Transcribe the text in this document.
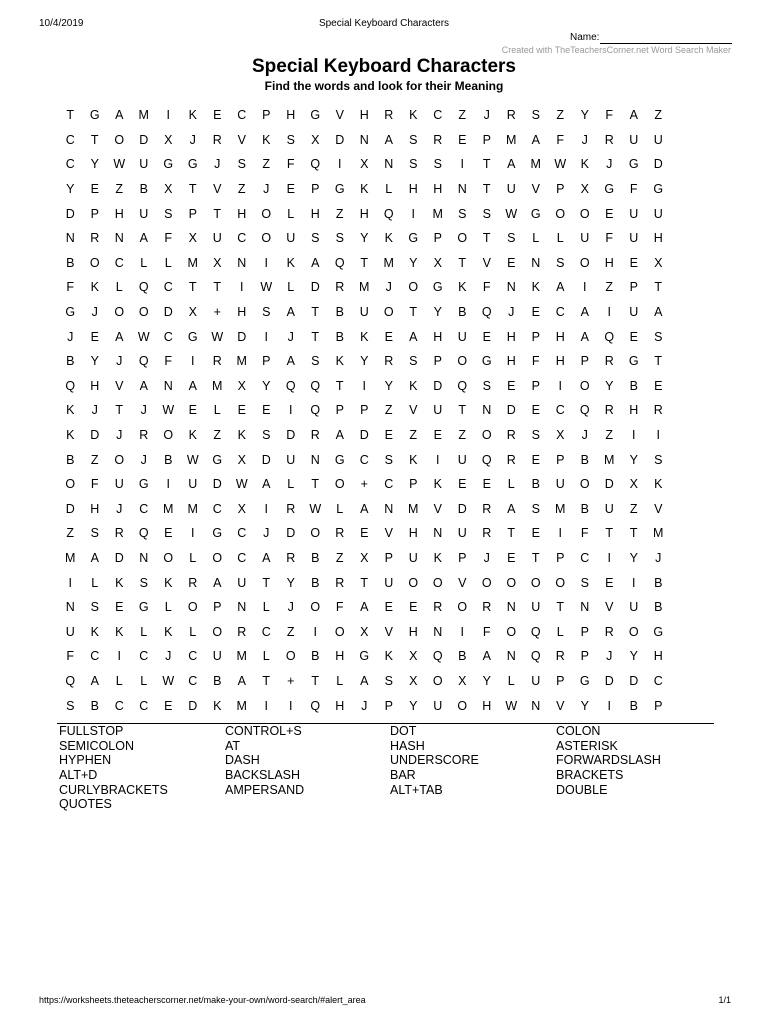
10/4/2019	Special Keyboard Characters
Name:
Created with TheTeachersCorner.net Word Search Maker
Special Keyboard Characters
Find the words and look for their Meaning
T	G	A	M	I	K	E	C	P	H	G	V	H	R	K	C	Z	J	R	S	Z	Y	F	A	Z
C	T	O	D	X	J	R	V	K	S	X	D	N	A	S	R	E	P	M	A	F	J	R	U	U
C	Y	W	U	G	G	J	S	Z	F	Q	I	X	N	S	S	I	T	A	M	W	K	J	G	D
Y	E	Z	B	X	T	V	Z	J	E	P	G	K	L	H	H	N	T	U	V	P	X	G	F	G
D	P	H	U	S	P	T	H	O	L	H	Z	H	Q	I	M	S	S	W	G	O	O	E	U	U
N	R	N	A	F	X	U	C	O	U	S	S	Y	K	G	P	O	T	S	L	L	U	F	U	H
B	O	C	L	L	M	X	N	I	K	A	Q	T	M	Y	X	T	V	E	N	S	O	H	E	X
F	K	L	Q	C	T	T	I	W	L	D	R	M	J	O	G	K	F	N	K	A	I	Z	P	T
G	J	O	O	D	X	+	H	S	A	T	B	U	O	T	Y	B	Q	J	E	C	A	I	U	A
J	E	A	W	C	G	W	D	I	J	T	B	K	E	A	H	U	E	H	P	H	A	Q	E	S
B	Y	J	Q	F	I	R	M	P	A	S	K	Y	R	S	P	O	G	H	F	H	P	R	G	T
Q	H	V	A	N	A	M	X	Y	Q	Q	T	I	Y	K	D	Q	S	E	P	I	O	Y	B	E
K	J	T	J	W	E	L	E	E	I	Q	P	P	Z	V	U	T	N	D	E	C	Q	R	H	R
K	D	J	R	O	K	Z	K	S	D	R	A	D	E	Z	E	Z	O	R	S	X	J	Z	I	I
B	Z	O	J	B	W	G	X	D	U	N	G	C	S	K	I	U	Q	R	E	P	B	M	Y	S
O	F	U	G	I	U	D	W	A	L	T	O	+	C	P	K	E	E	L	B	U	O	D	X	K
D	H	J	C	M	M	C	X	I	R	W	L	A	N	M	V	D	R	A	S	M	B	U	Z	V
Z	S	R	Q	E	I	G	C	J	D	O	R	E	V	H	N	U	R	T	E	I	F	T	T	M
M	A	D	N	O	L	O	C	A	R	B	Z	X	P	U	K	P	J	E	T	P	C	I	Y	J
I	L	K	S	K	R	A	U	T	Y	B	R	T	U	O	O	V	O	O	O	O	S	E	I	B
N	S	E	G	L	O	P	N	L	J	O	F	A	E	E	R	O	R	N	U	T	N	V	U	B
U	K	K	L	K	L	O	R	C	Z	I	O	X	V	H	N	I	F	O	Q	L	P	R	O	G
F	C	I	C	J	C	U	M	L	O	B	H	G	K	X	Q	B	A	N	Q	R	P	J	Y	H
Q	A	L	L	W	C	B	A	T	+	T	L	A	S	X	O	X	Y	L	U	P	G	D	D	C
S	B	C	C	E	D	K	M	I	I	Q	H	J	P	Y	U	O	H	W	N	V	Y	I	B	P
FULLSTOP	CONTROL+S	DOT	COLON
SEMICOLON	AT	HASH	ASTERISK
HYPHEN	DASH	UNDERSCORE	FORWARDSLASH
ALT+D	BACKSLASH	BAR	BRACKETS
CURLYBRACKETS	AMPERSAND	ALT+TAB	DOUBLE
QUOTES
https://worksheets.theteacherscorner.net/make-your-own/word-search/#alert_area	1/1
